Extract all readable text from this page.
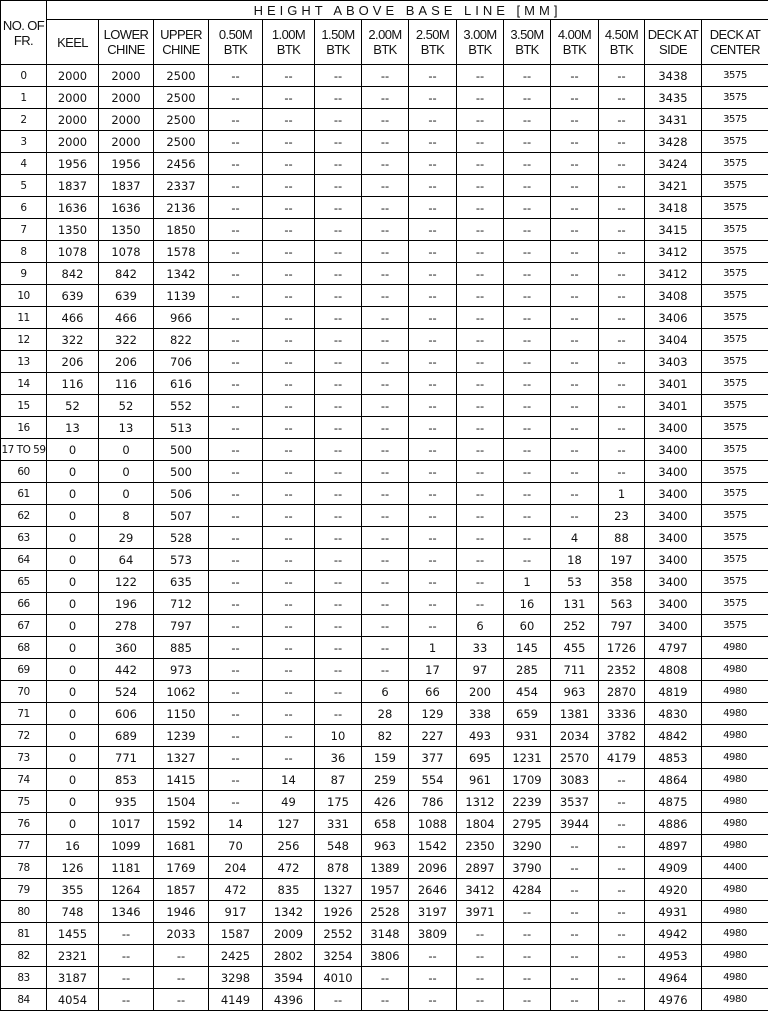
NO. OF FR.	HEIGHT ABOVE BASE LINE [MM]													
	KEEL	LOWER CHINE	UPPER CHINE	0.50M BTK	1.00M BTK	1.50M BTK	2.00M BTK	2.50M BTK	3.00M BTK	3.50M BTK	4.00M BTK	4.50M BTK	DECK AT SIDE	DECK AT CENTER
0	2000	2000	2500	--	--	--	--	--	--	--	--	--	3438	3575
1	2000	2000	2500	--	--	--	--	--	--	--	--	--	3435	3575
2	2000	2000	2500	--	--	--	--	--	--	--	--	--	3431	3575
3	2000	2000	2500	--	--	--	--	--	--	--	--	--	3428	3575
4	1956	1956	2456	--	--	--	--	--	--	--	--	--	3424	3575
5	1837	1837	2337	--	--	--	--	--	--	--	--	--	3421	3575
6	1636	1636	2136	--	--	--	--	--	--	--	--	--	3418	3575
7	1350	1350	1850	--	--	--	--	--	--	--	--	--	3415	3575
8	1078	1078	1578	--	--	--	--	--	--	--	--	--	3412	3575
9	842	842	1342	--	--	--	--	--	--	--	--	--	3412	3575
10	639	639	1139	--	--	--	--	--	--	--	--	--	3408	3575
11	466	466	966	--	--	--	--	--	--	--	--	--	3406	3575
12	322	322	822	--	--	--	--	--	--	--	--	--	3404	3575
13	206	206	706	--	--	--	--	--	--	--	--	--	3403	3575
14	116	116	616	--	--	--	--	--	--	--	--	--	3401	3575
15	52	52	552	--	--	--	--	--	--	--	--	--	3401	3575
16	13	13	513	--	--	--	--	--	--	--	--	--	3400	3575
17 TO 59	0	0	500	--	--	--	--	--	--	--	--	--	3400	3575
60	0	0	500	--	--	--	--	--	--	--	--	--	3400	3575
61	0	0	506	--	--	--	--	--	--	--	--	1	3400	3575
62	0	8	507	--	--	--	--	--	--	--	--	23	3400	3575
63	0	29	528	--	--	--	--	--	--	--	4	88	3400	3575
64	0	64	573	--	--	--	--	--	--	--	18	197	3400	3575
65	0	122	635	--	--	--	--	--	--	1	53	358	3400	3575
66	0	196	712	--	--	--	--	--	--	16	131	563	3400	3575
67	0	278	797	--	--	--	--	--	6	60	252	797	3400	3575
68	0	360	885	--	--	--	--	1	33	145	455	1726	4797	4980
69	0	442	973	--	--	--	--	17	97	285	711	2352	4808	4980
70	0	524	1062	--	--	--	6	66	200	454	963	2870	4819	4980
71	0	606	1150	--	--	--	28	129	338	659	1381	3336	4830	4980
72	0	689	1239	--	--	10	82	227	493	931	2034	3782	4842	4980
73	0	771	1327	--	--	36	159	377	695	1231	2570	4179	4853	4980
74	0	853	1415	--	14	87	259	554	961	1709	3083	--	4864	4980
75	0	935	1504	--	49	175	426	786	1312	2239	3537	--	4875	4980
76	0	1017	1592	14	127	331	658	1088	1804	2795	3944	--	4886	4980
77	16	1099	1681	70	256	548	963	1542	2350	3290	--	--	4897	4980
78	126	1181	1769	204	472	878	1389	2096	2897	3790	--	--	4909	4400
79	355	1264	1857	472	835	1327	1957	2646	3412	4284	--	--	4920	4980
80	748	1346	1946	917	1342	1926	2528	3197	3971	--	--	--	4931	4980
81	1455	--	2033	1587	2009	2552	3148	3809	--	--	--	--	4942	4980
82	2321	--	--	2425	2802	3254	3806	--	--	--	--	--	4953	4980
83	3187	--	--	3298	3594	4010	--	--	--	--	--	--	4964	4980
84	4054	--	--	4149	4396	--	--	--	--	--	--	--	4976	4980
